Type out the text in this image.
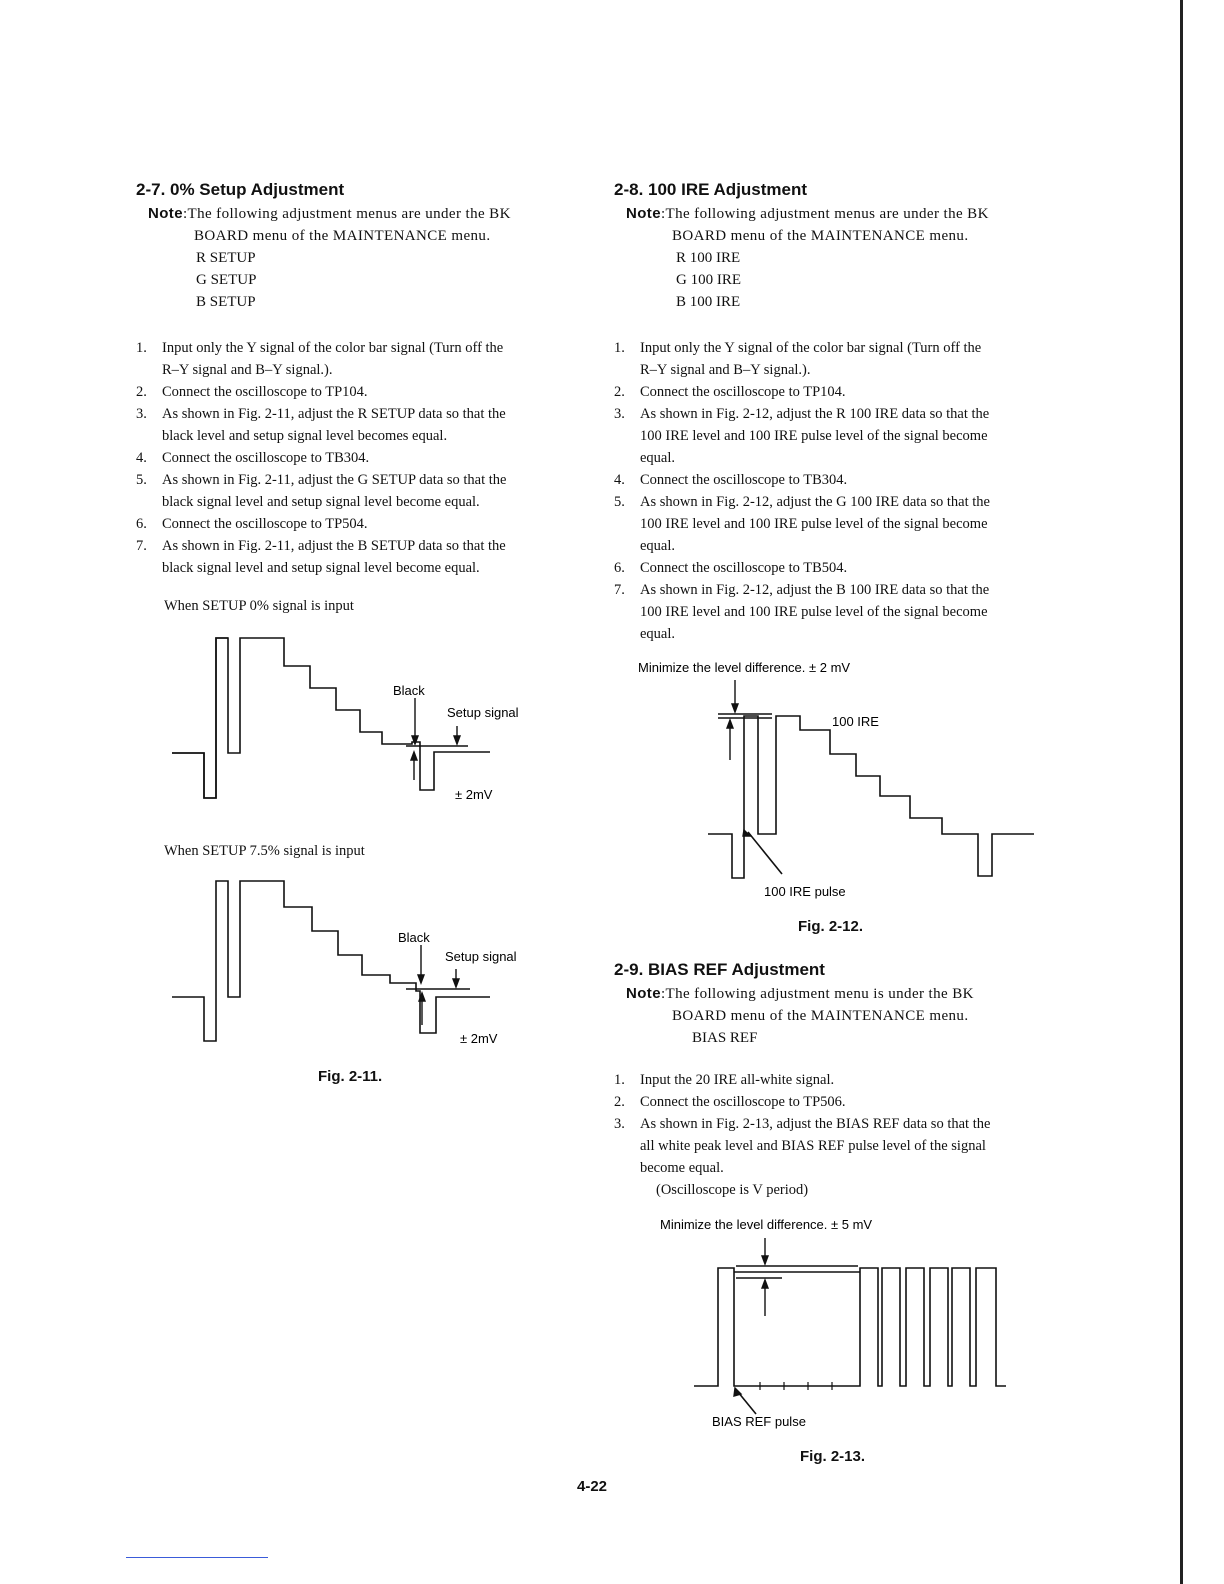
2-7. 0% Setup Adjustment
Note:The following adjustment menus are under the BK
BOARD menu of the MAINTENANCE menu.
R SETUP
G SETUP
B SETUP
1. Input only the Y signal of the color bar signal (Turn off the
R–Y signal and B–Y signal.).
2. Connect the oscilloscope to TP104.
3. As shown in Fig. 2-11, adjust the R SETUP data so that the
black level and setup signal level becomes equal.
4. Connect the oscilloscope to TB304.
5. As shown in Fig. 2-11, adjust the G SETUP data so that the
black signal level and setup signal level become equal.
6. Connect the oscilloscope to TP504.
7. As shown in Fig. 2-11, adjust the B SETUP data so that the
black signal level and setup signal level become equal.
When SETUP 0% signal is input
Black
Setup signal
± 2mV
When SETUP 7.5% signal is input
Black
Setup signal
± 2mV
Fig. 2-11.
2-8. 100 IRE Adjustment
Note:The following adjustment menus are under the BK
BOARD menu of the MAINTENANCE menu.
R 100 IRE
G 100 IRE
B 100 IRE
1. Input only the Y signal of the color bar signal (Turn off the
R–Y signal and B–Y signal.).
2. Connect the oscilloscope to TP104.
3. As shown in Fig. 2-12, adjust the R 100 IRE data so that the
100 IRE level and 100 IRE pulse level of the signal become
equal.
4. Connect the oscilloscope to TB304.
5. As shown in Fig. 2-12, adjust the G 100 IRE data so that the
100 IRE level and 100 IRE pulse level of the signal become
equal.
6. Connect the oscilloscope to TB504.
7. As shown in Fig. 2-12, adjust the B 100 IRE data so that the
100 IRE level and 100 IRE pulse level of the signal become
equal.
Minimize the level difference. ± 2 mV
100 IRE
100 IRE pulse
Fig. 2-12.
2-9. BIAS REF Adjustment
Note:The following adjustment menu is under the BK
BOARD menu of the MAINTENANCE menu.
BIAS REF
1. Input the 20 IRE all-white signal.
2. Connect the oscilloscope to TP506.
3. As shown in Fig. 2-13, adjust the BIAS REF data so that the
all white peak level and BIAS REF pulse level of the signal
become equal.
(Oscilloscope is V period)
Minimize the level difference. ± 5 mV
BIAS REF pulse
Fig. 2-13.
4-22
